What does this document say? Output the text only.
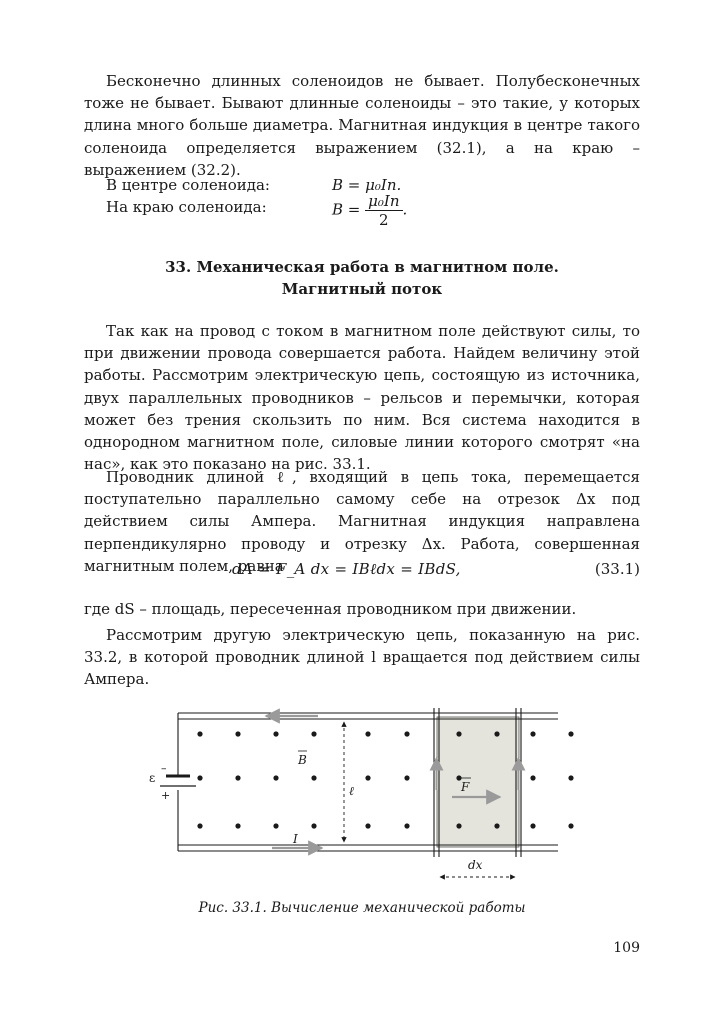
Бесконечно длинных соленоидов не бывает. Полубесконечных тоже не бывает. Бывают длинные соленоиды – это такие, у которых длина много больше диаметра. Магнитная индукция в центре такого соленоида определяется выражением (32.1), а на краю – выражением (32.2).

В центре соленоида:	B = μ₀In.
На краю соленоида:	$B = \frac{\text{μ₀In}}{2}$ .
33. Механическая работа в магнитном поле.
Магнитный поток

Так как на провод с током в магнитном поле действуют силы, то при движении провода совершается работа. Найдем величину этой работы. Рассмотрим электрическую цепь, состоящую из источника, двух параллельных проводников – рельсов и перемычки, которая может без трения скользить по ним. Вся система находится в однородном магнитном поле, силовые линии которого смотрят «на нас», как это показано на рис. 33.1.

Проводник длиной ℓ, входящий в цепь тока, перемещается поступательно параллельно самому себе на отрезок Δx под действием силы Ампера. Магнитная индукция направлена перпендикулярно проводу и отрезку Δx. Работа, совершенная магнитным полем, равна

dA = F_A dx = IBℓdx = IBdS,	(33.1)

где dS – площадь, пересеченная проводником при движении.

Рассмотрим другую электрическую цепь, показанную на рис. 33.2, в которой проводник длиной l вращается под действием силы Ампера.

ε
–
+
F
B
ℓ
I
dx
Рис. 33.1. Вычисление механической работы
109
